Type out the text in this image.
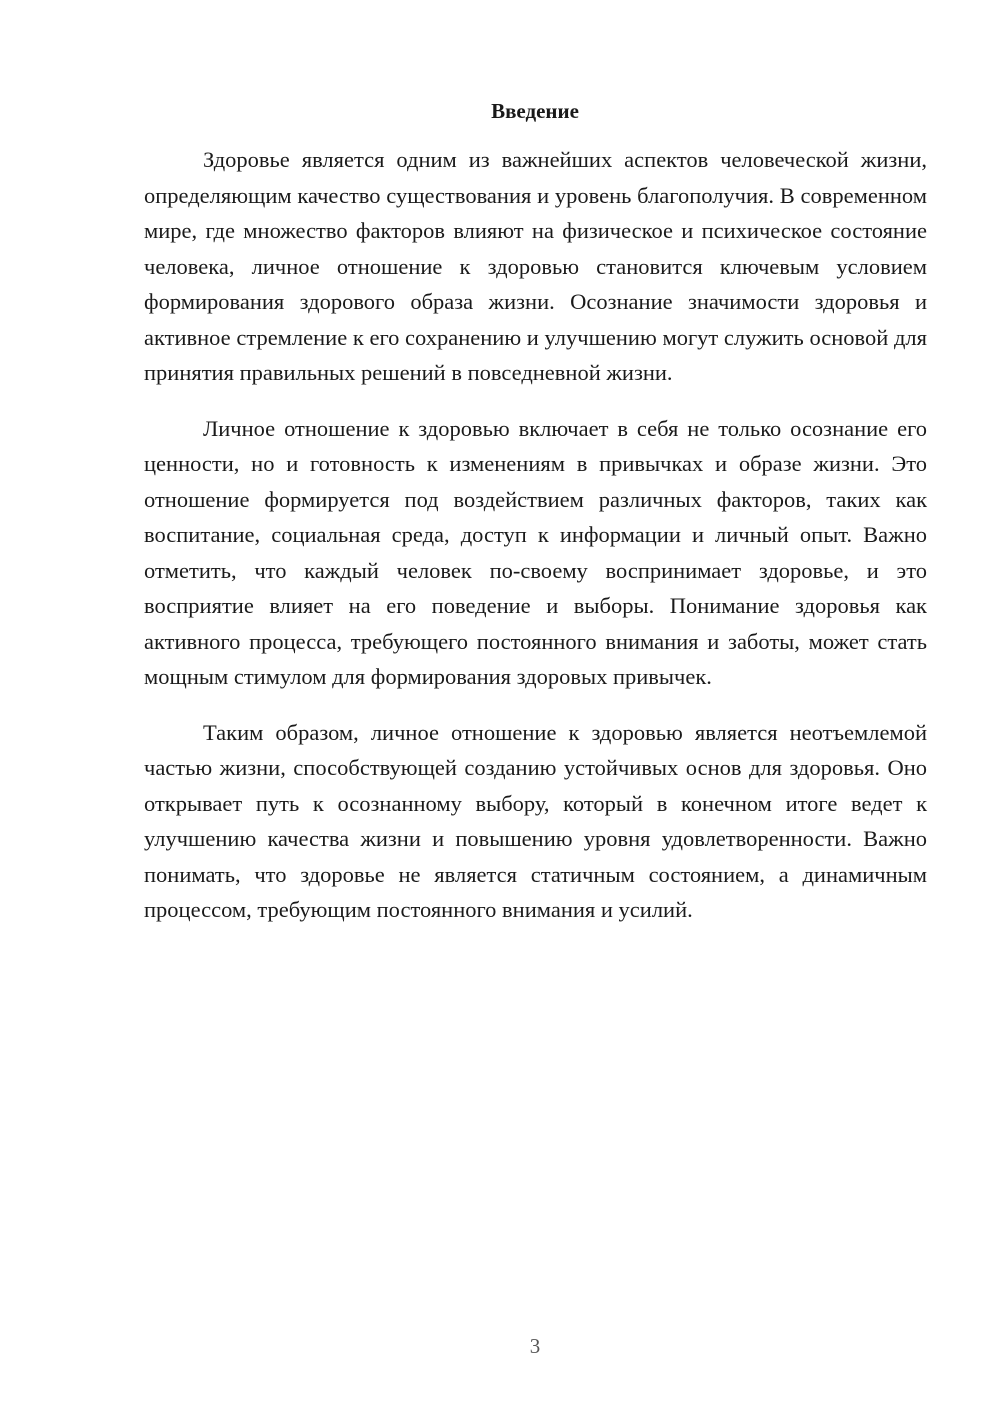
Введение

Здоровье является одним из важнейших аспектов человеческой жизни, определяющим качество существования и уровень благополучия. В современном мире, где множество факторов влияют на физическое и психическое состояние человека, личное отношение к здоровью становится ключевым условием формирования здорового образа жизни. Осознание значимости здоровья и активное стремление к его сохранению и улучшению могут служить основой для принятия правильных решений в повседневной жизни.

Личное отношение к здоровью включает в себя не только осознание его ценности, но и готовность к изменениям в привычках и образе жизни. Это отношение формируется под воздействием различных факторов, таких как воспитание, социальная среда, доступ к информации и личный опыт. Важно отметить, что каждый человек по-своему воспринимает здоровье, и это восприятие влияет на его поведение и выборы. Понимание здоровья как активного процесса, требующего постоянного внимания и заботы, может стать мощным стимулом для формирования здоровых привычек.

Таким образом, личное отношение к здоровью является неотъемлемой частью жизни, способствующей созданию устойчивых основ для здоровья. Оно открывает путь к осознанному выбору, который в конечном итоге ведет к улучшению качества жизни и повышению уровня удовлетворенности. Важно понимать, что здоровье не является статичным состоянием, а динамичным процессом, требующим постоянного внимания и усилий.

3
